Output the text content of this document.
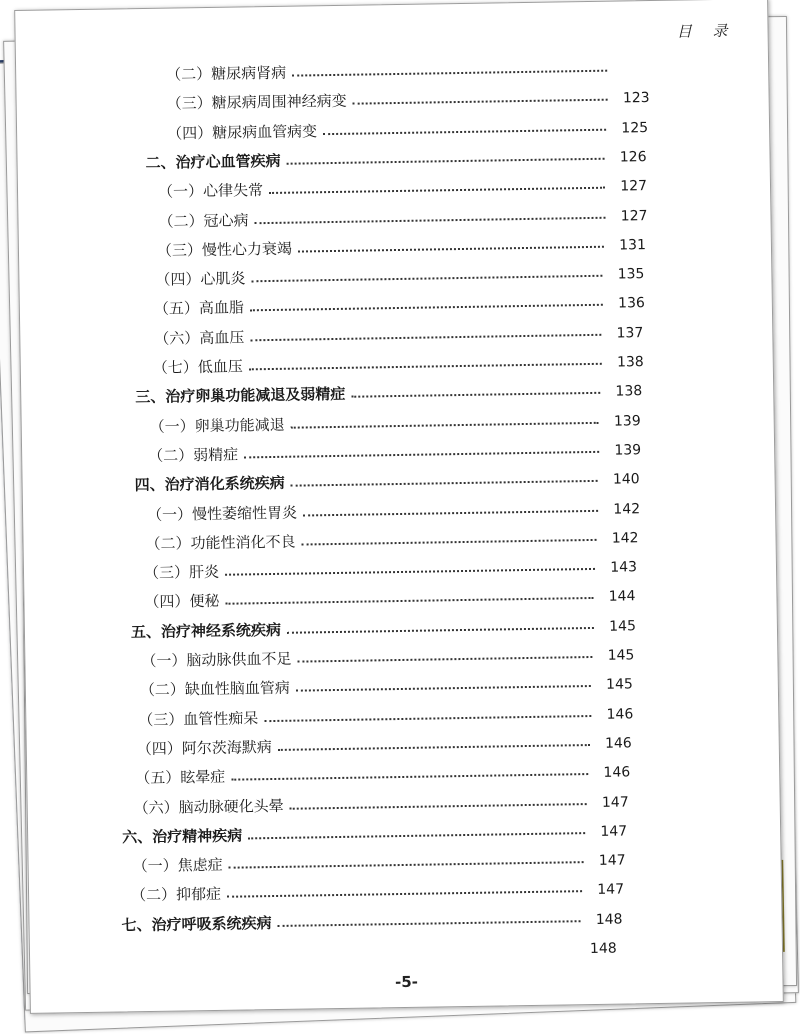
目 录
（二）糖尿病肾病
（三）糖尿病周围神经病变	123
（四）糖尿病血管病变	125
二、治疗心血管疾病	126
（一）心律失常	127
（二）冠心病	127
（三）慢性心力衰竭	131
（四）心肌炎	135
（五）高血脂	136
（六）高血压	137
（七）低血压	138
三、治疗卵巢功能减退及弱精症	138
（一）卵巢功能减退	139
（二）弱精症	139
四、治疗消化系统疾病	140
（一）慢性萎缩性胃炎	142
（二）功能性消化不良	142
（三）肝炎	143
（四）便秘	144
五、治疗神经系统疾病	145
（一）脑动脉供血不足	145
（二）缺血性脑血管病	145
（三）血管性痴呆	146
（四）阿尔茨海默病	146
（五）眩晕症	146
（六）脑动脉硬化头晕	147
六、治疗精神疾病	147
（一）焦虑症	147
（二）抑郁症	147
七、治疗呼吸系统疾病	148
148
-5-
